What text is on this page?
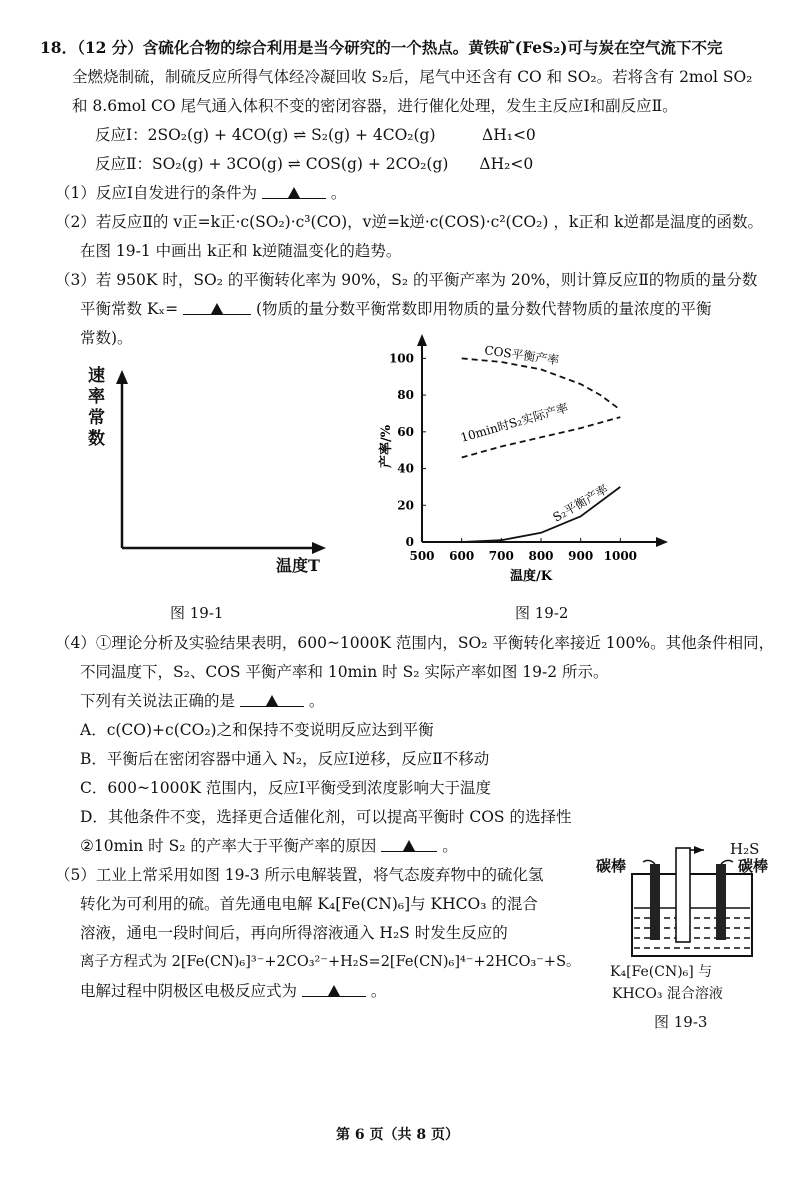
18．（12 分）含硫化合物的综合利用是当今研究的一个热点。黄铁矿(FeS₂)可与炭在空气流下不完
全燃烧制硫，制硫反应所得气体经冷凝回收 S₂后，尾气中还含有 CO 和 SO₂。若将含有 2mol SO₂
和 8.6mol CO 尾气通入体积不变的密闭容器，进行催化处理，发生主反应Ⅰ和副反应Ⅱ。
反应Ⅰ：2SO₂(g) + 4CO(g) ⇌ S₂(g) + 4CO₂(g)　　　ΔH₁<0
反应Ⅱ：SO₂(g) + 3CO(g) ⇌ COS(g) + 2CO₂(g)　　ΔH₂<0
（1）反应Ⅰ自发进行的条件为	。
（2）若反应Ⅱ的 v正=k正·c(SO₂)·c³(CO)，v逆=k逆·c(COS)·c²(CO₂) ，k正和 k逆都是温度的函数。
在图 19-1 中画出 k正和 k逆随温变化的趋势。
（3）若 950K 时，SO₂ 的平衡转化率为 90%，S₂ 的平衡产率为 20%，则计算反应Ⅱ的物质的量分数
平衡常数 Kₓ=	(物质的量分数平衡常数即用物质的量分数代替物质的量浓度的平衡
常数)。
速
率
常
数
温度T
图 19-1
500 600 700 800 900 1000
0
20
40
60
80
100	COS平衡产率
10min时S₂实际产率
S₂平衡产率
温度/K
产率/%
图 19-2
（4）①理论分析及实验结果表明，600~1000K 范围内，SO₂ 平衡转化率接近 100%。其他条件相同，
不同温度下，S₂、COS 平衡产率和 10min 时 S₂ 实际产率如图 19-2 所示。
下列有关说法正确的是	。
A．c(CO)+c(CO₂)之和保持不变说明反应达到平衡
B．平衡后在密闭容器中通入 N₂，反应Ⅰ逆移，反应Ⅱ不移动
C．600~1000K 范围内，反应Ⅰ平衡受到浓度影响大于温度
D．其他条件不变，选择更合适催化剂，可以提高平衡时 COS 的选择性
②10min 时 S₂ 的产率大于平衡产率的原因	。
（5）工业上常采用如图 19-3 所示电解装置，将气态废弃物中的硫化氢
转化为可利用的硫。首先通电电解 K₄[Fe(CN)₆]与 KHCO₃ 的混合
溶液，通电一段时间后，再向所得溶液通入 H₂S 时发生反应的
离子方程式为 2[Fe(CN)₆]³⁻+2CO₃²⁻+H₂S=2[Fe(CN)₆]⁴⁻+2HCO₃⁻+S。
电解过程中阴极区电极反应式为	。
H₂S
碳棒	碳棒
K₄[Fe(CN)₆] 与
KHCO₃ 混合溶液
图 19-3
第 6 页（共 8 页）
